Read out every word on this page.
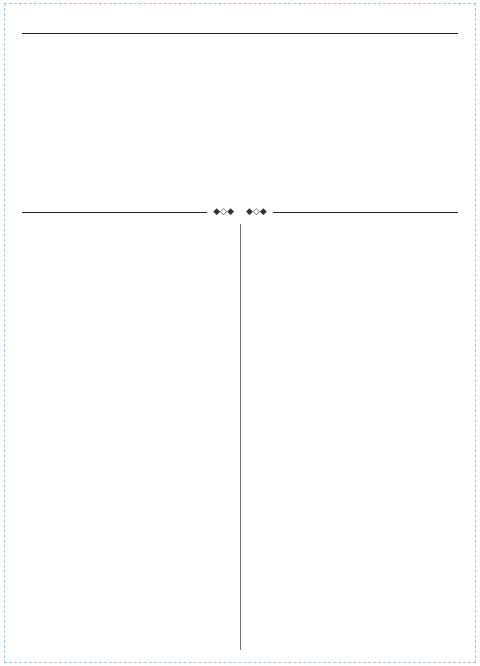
◆◇◆
◆◇◆
